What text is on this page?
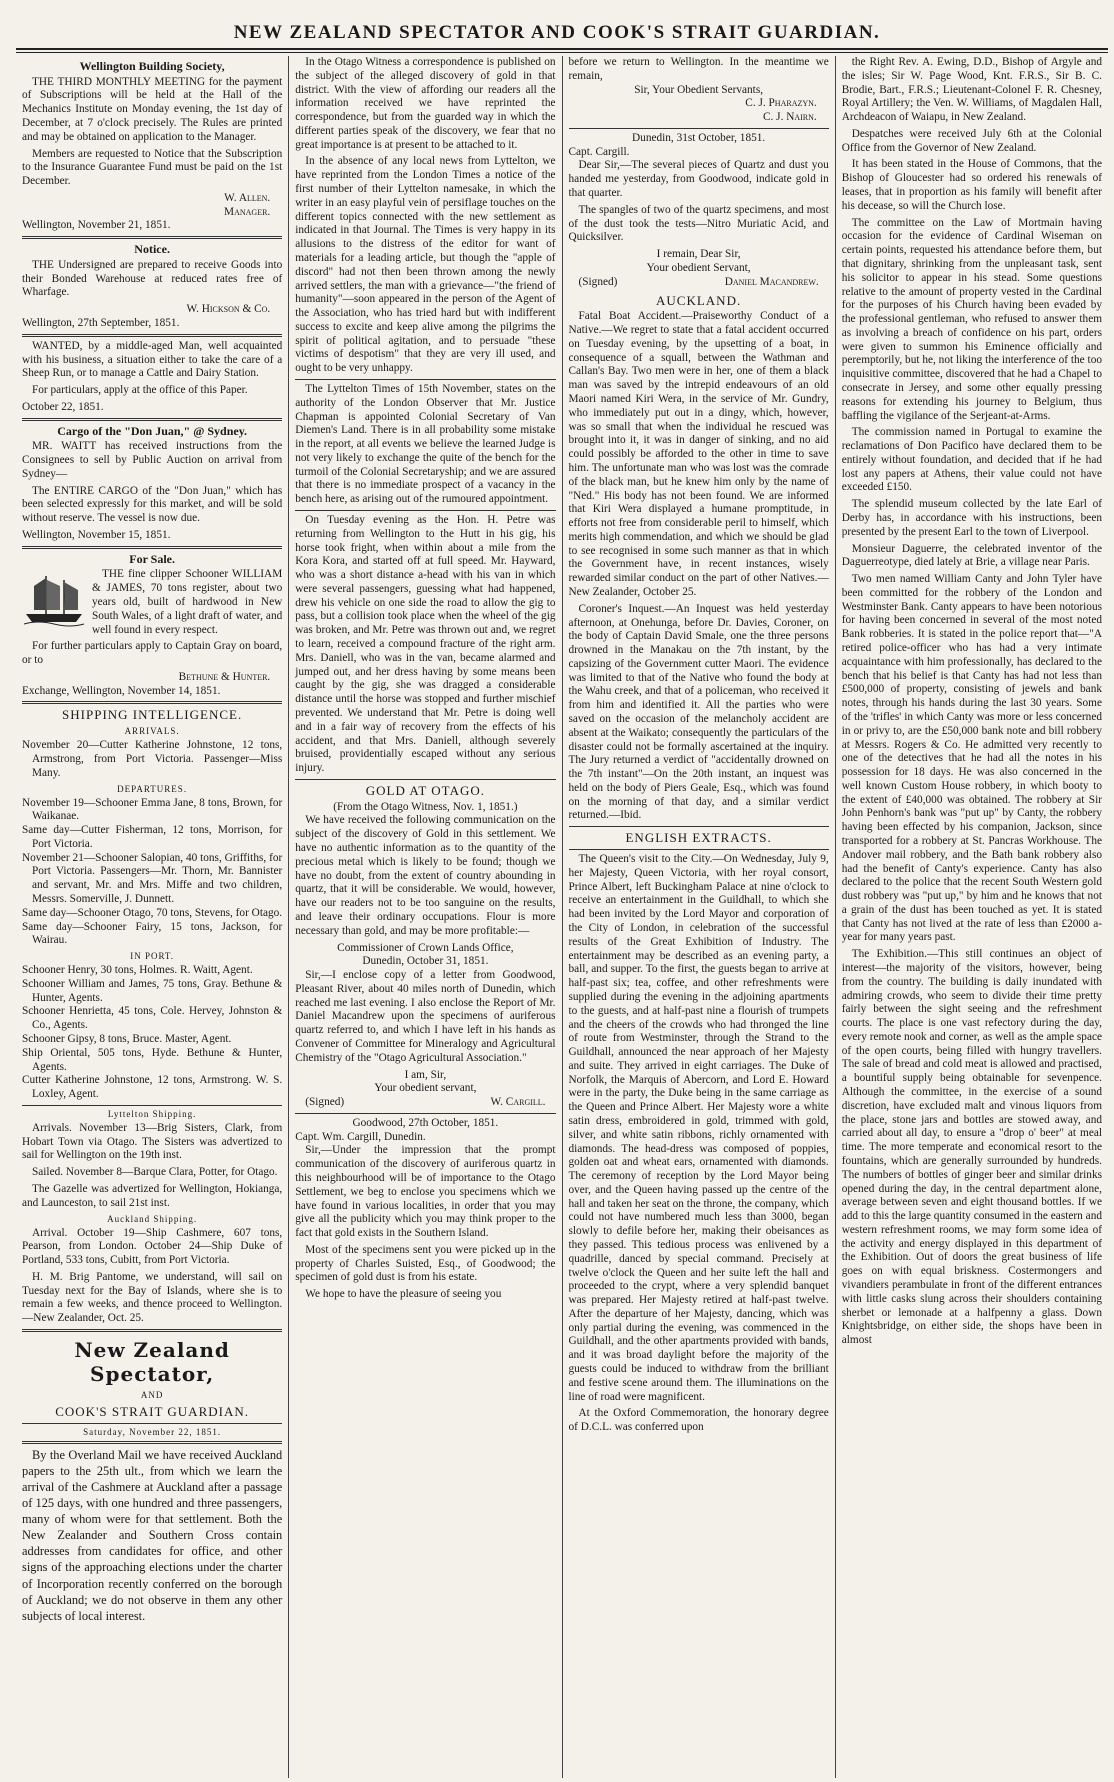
NEW ZEALAND SPECTATOR AND COOK'S STRAIT GUARDIAN.
Wellington Building Society,

THE THIRD MONTHLY MEETING for the payment of Subscriptions will be held at the Hall of the Mechanics Institute on Monday evening, the 1st day of December, at 7 o'clock precisely. The Rules are printed and may be obtained on application to the Manager.

Members are requested to Notice that the Subscription to the Insurance Guarantee Fund must be paid on the 1st December.

W. Allen.
Manager.
Wellington, November 21, 1851.
Notice.

THE Undersigned are prepared to receive Goods into their Bonded Warehouse at reduced rates free of Wharfage.

W. Hickson & Co.
Wellington, 27th September, 1851.

WANTED, by a middle-aged Man, well acquainted with his business, a situation either to take the care of a Sheep Run, or to manage a Cattle and Dairy Station.

For particulars, apply at the office of this Paper.

October 22, 1851.
Cargo of the "Don Juan," @ Sydney.

MR. WAITT has received instructions from the Consignees to sell by Public Auction on arrival from Sydney—

The ENTIRE CARGO of the "Don Juan," which has been selected expressly for this market, and will be sold without reserve. The vessel is now due.

Wellington, November 15, 1851.
For Sale.

THE fine clipper Schooner WILLIAM & JAMES, 70 tons register, about two years old, built of hardwood in New South Wales, of a light draft of water, and well found in every respect.

For further particulars apply to Captain Gray on board, or to

Bethune & Hunter.
Exchange, Wellington, November 14, 1851.
SHIPPING INTELLIGENCE.
ARRIVALS.
November 20—Cutter Katherine Johnstone, 12 tons, Armstrong, from Port Victoria. Passenger—Miss Many.
DEPARTURES.
November 19—Schooner Emma Jane, 8 tons, Brown, for Waikanae.
Same day—Cutter Fisherman, 12 tons, Morrison, for Port Victoria.
November 21—Schooner Salopian, 40 tons, Griffiths, for Port Victoria. Passengers—Mr. Thorn, Mr. Bannister and servant, Mr. and Mrs. Miffe and two children, Messrs. Somerville, J. Dunnett.
Same day—Schooner Otago, 70 tons, Stevens, for Otago.
Same day—Schooner Fairy, 15 tons, Jackson, for Wairau.
IN PORT.
Schooner Henry, 30 tons, Holmes. R. Waitt, Agent.
Schooner William and James, 75 tons, Gray. Bethune & Hunter, Agents.
Schooner Henrietta, 45 tons, Cole. Hervey, Johnston & Co., Agents.
Schooner Gipsy, 8 tons, Bruce. Master, Agent.
Ship Oriental, 505 tons, Hyde. Bethune & Hunter, Agents.
Cutter Katherine Johnstone, 12 tons, Armstrong. W. S. Loxley, Agent.
Lyttelton Shipping.

Arrivals. November 13—Brig Sisters, Clark, from Hobart Town via Otago. The Sisters was advertized to sail for Wellington on the 19th inst.

Sailed. November 8—Barque Clara, Potter, for Otago.

The Gazelle was advertized for Wellington, Hokianga, and Launceston, to sail 21st inst.

Auckland Shipping.

Arrival. October 19—Ship Cashmere, 607 tons, Pearson, from London. October 24—Ship Duke of Portland, 533 tons, Cubitt, from Port Victoria.

H. M. Brig Pantome, we understand, will sail on Tuesday next for the Bay of Islands, where she is to remain a few weeks, and thence proceed to Wellington.—New Zealander, Oct. 25.

New Zealand Spectator,
AND
COOK'S STRAIT GUARDIAN.
Saturday, November 22, 1851.

By the Overland Mail we have received Auckland papers to the 25th ult., from which we learn the arrival of the Cashmere at Auckland after a passage of 125 days, with one hundred and three passengers, many of whom were for that settlement. Both the New Zealander and Southern Cross contain addresses from candidates for office, and other signs of the approaching elections under the charter of Incorporation recently conferred on the borough of Auckland; we do not observe in them any other subjects of local interest.

In the Otago Witness a correspondence is published on the subject of the alleged discovery of gold in that district. With the view of affording our readers all the information received we have reprinted the correspondence, but from the guarded way in which the different parties speak of the discovery, we fear that no great importance is at present to be attached to it.

In the absence of any local news from Lyttelton, we have reprinted from the London Times a notice of the first number of their Lyttelton namesake, in which the writer in an easy playful vein of persiflage touches on the different topics connected with the new settlement as indicated in that Journal. The Times is very happy in its allusions to the distress of the editor for want of materials for a leading article, but though the "apple of discord" had not then been thrown among the newly arrived settlers, the man with a grievance—"the friend of humanity"—soon appeared in the person of the Agent of the Association, who has tried hard but with indifferent success to excite and keep alive among the pilgrims the spirit of political agitation, and to persuade "these victims of despotism" that they are very ill used, and ought to be very unhappy.

The Lyttelton Times of 15th November, states on the authority of the London Observer that Mr. Justice Chapman is appointed Colonial Secretary of Van Diemen's Land. There is in all probability some mistake in the report, at all events we believe the learned Judge is not very likely to exchange the quite of the bench for the turmoil of the Colonial Secretaryship; and we are assured that there is no immediate prospect of a vacancy in the bench here, as arising out of the rumoured appointment.

On Tuesday evening as the Hon. H. Petre was returning from Wellington to the Hutt in his gig, his horse took fright, when within about a mile from the Kora Kora, and started off at full speed. Mr. Hayward, who was a short distance a-head with his van in which were several passengers, guessing what had happened, drew his vehicle on one side the road to allow the gig to pass, but a collision took place when the wheel of the gig was broken, and Mr. Petre was thrown out and, we regret to learn, received a compound fracture of the right arm. Mrs. Daniell, who was in the van, became alarmed and jumped out, and her dress having by some means been caught by the gig, she was dragged a considerable distance until the horse was stopped and further mischief prevented. We understand that Mr. Petre is doing well and in a fair way of recovery from the effects of his accident, and that Mrs. Daniell, although severely bruised, providentially escaped without any serious injury.

GOLD AT OTAGO.
(From the Otago Witness, Nov. 1, 1851.)

We have received the following communication on the subject of the discovery of Gold in this settlement. We have no authentic information as to the quantity of the precious metal which is likely to be found; though we have no doubt, from the extent of country abounding in quartz, that it will be considerable. We would, however, have our readers not to be too sanguine on the results, and leave their ordinary occupations. Flour is more necessary than gold, and may be more profitable:—

Commissioner of Crown Lands Office,
Dunedin, October 31, 1851.

Sir,—I enclose copy of a letter from Goodwood, Pleasant River, about 40 miles north of Dunedin, which reached me last evening. I also enclose the Report of Mr. Daniel Macandrew upon the specimens of auriferous quartz referred to, and which I have left in his hands as Convener of Committee for Mineralogy and Agricultural Chemistry of the "Otago Agricultural Association."

I am, Sir,
Your obedient servant,
(Signed)	W. Cargill.
Goodwood, 27th October, 1851.
Capt. Wm. Cargill, Dunedin.

Sir,—Under the impression that the prompt communication of the discovery of auriferous quartz in this neighbourhood will be of importance to the Otago Settlement, we beg to enclose you specimens which we have found in various localities, in order that you may give all the publicity which you may think proper to the fact that gold exists in the Southern Island.

Most of the specimens sent you were picked up in the property of Charles Suisted, Esq., of Goodwood; the specimen of gold dust is from his estate.

We hope to have the pleasure of seeing you

before we return to Wellington. In the meantime we remain,
Sir, Your Obedient Servants,
C. J. Pharazyn.
C. J. Nairn.
Dunedin, 31st October, 1851.
Capt. Cargill.

Dear Sir,—The several pieces of Quartz and dust you handed me yesterday, from Goodwood, indicate gold in that quarter.

The spangles of two of the quartz specimens, and most of the dust took the tests—Nitro Muriatic Acid, and Quicksilver.

I remain, Dear Sir,
Your obedient Servant,
(Signed)	Daniel Macandrew.
AUCKLAND.

Fatal Boat Accident.—Praiseworthy Conduct of a Native.—We regret to state that a fatal accident occurred on Tuesday evening, by the upsetting of a boat, in consequence of a squall, between the Wathman and Callan's Bay. Two men were in her, one of them a black man was saved by the intrepid endeavours of an old Maori named Kiri Wera, in the service of Mr. Gundry, who immediately put out in a dingy, which, however, was so small that when the individual he rescued was brought into it, it was in danger of sinking, and no aid could possibly be afforded to the other in time to save him. The unfortunate man who was lost was the comrade of the black man, but he knew him only by the name of "Ned." His body has not been found. We are informed that Kiri Wera displayed a humane promptitude, in efforts not free from considerable peril to himself, which merits high commendation, and which we should be glad to see recognised in some such manner as that in which the Government have, in recent instances, wisely rewarded similar conduct on the part of other Natives.—New Zealander, October 25.

Coroner's Inquest.—An Inquest was held yesterday afternoon, at Onehunga, before Dr. Davies, Coroner, on the body of Captain David Smale, one the three persons drowned in the Manakau on the 7th instant, by the capsizing of the Government cutter Maori. The evidence was limited to that of the Native who found the body at the Wahu creek, and that of a policeman, who received it from him and identified it. All the parties who were saved on the occasion of the melancholy accident are absent at the Waikato; consequently the particulars of the disaster could not be formally ascertained at the inquiry. The Jury returned a verdict of "accidentally drowned on the 7th instant"—On the 20th instant, an inquest was held on the body of Piers Geale, Esq., which was found on the morning of that day, and a similar verdict returned.—Ibid.

ENGLISH EXTRACTS.

The Queen's visit to the City.—On Wednesday, July 9, her Majesty, Queen Victoria, with her royal consort, Prince Albert, left Buckingham Palace at nine o'clock to receive an entertainment in the Guildhall, to which she had been invited by the Lord Mayor and corporation of the City of London, in celebration of the successful results of the Great Exhibition of Industry. The entertainment may be described as an evening party, a ball, and supper. To the first, the guests began to arrive at half-past six; tea, coffee, and other refreshments were supplied during the evening in the adjoining apartments to the guests, and at half-past nine a flourish of trumpets and the cheers of the crowds who had thronged the line of route from Westminster, through the Strand to the Guildhall, announced the near approach of her Majesty and suite. They arrived in eight carriages. The Duke of Norfolk, the Marquis of Abercorn, and Lord E. Howard were in the party, the Duke being in the same carriage as the Queen and Prince Albert. Her Majesty wore a white satin dress, embroidered in gold, trimmed with gold, silver, and white satin ribbons, richly ornamented with diamonds. The head-dress was composed of poppies, golden oat and wheat ears, ornamented with diamonds. The ceremony of reception by the Lord Mayor being over, and the Queen having passed up the centre of the hall and taken her seat on the throne, the company, which could not have numbered much less than 3000, began slowly to defile before her, making their obeisances as they passed. This tedious process was enlivened by a quadrille, danced by special command. Precisely at twelve o'clock the Queen and her suite left the hall and proceeded to the crypt, where a very splendid banquet was prepared. Her Majesty retired at half-past twelve. After the departure of her Majesty, dancing, which was only partial during the evening, was commenced in the Guildhall, and the other apartments provided with bands, and it was broad daylight before the majority of the guests could be induced to withdraw from the brilliant and festive scene around them. The illuminations on the line of road were magnificent.

At the Oxford Commemoration, the honorary degree of D.C.L. was conferred upon

the Right Rev. A. Ewing, D.D., Bishop of Argyle and the isles; Sir W. Page Wood, Knt. F.R.S., Sir B. C. Brodie, Bart., F.R.S.; Lieutenant-Colonel F. R. Chesney, Royal Artillery; the Ven. W. Williams, of Magdalen Hall, Archdeacon of Waiapu, in New Zealand.

Despatches were received July 6th at the Colonial Office from the Governor of New Zealand.

It has been stated in the House of Commons, that the Bishop of Gloucester had so ordered his renewals of leases, that in proportion as his family will benefit after his decease, so will the Church lose.

The committee on the Law of Mortmain having occasion for the evidence of Cardinal Wiseman on certain points, requested his attendance before them, but that dignitary, shrinking from the unpleasant task, sent his solicitor to appear in his stead. Some questions relative to the amount of property vested in the Cardinal for the purposes of his Church having been evaded by the professional gentleman, who refused to answer them as involving a breach of confidence on his part, orders were given to summon his Eminence officially and peremptorily, but he, not liking the interference of the too inquisitive committee, discovered that he had a Chapel to consecrate in Jersey, and some other equally pressing reasons for extending his journey to Belgium, thus baffling the vigilance of the Serjeant-at-Arms.

The commission named in Portugal to examine the reclamations of Don Pacifico have declared them to be entirely without foundation, and decided that if he had lost any papers at Athens, their value could not have exceeded £150.

The splendid museum collected by the late Earl of Derby has, in accordance with his instructions, been presented by the present Earl to the town of Liverpool.

Monsieur Daguerre, the celebrated inventor of the Daguerreotype, died lately at Brie, a village near Paris.

Two men named William Canty and John Tyler have been committed for the robbery of the London and Westminster Bank. Canty appears to have been notorious for having been concerned in several of the most noted Bank robberies. It is stated in the police report that—"A retired police-officer who has had a very intimate acquaintance with him professionally, has declared to the bench that his belief is that Canty has had not less than £500,000 of property, consisting of jewels and bank notes, through his hands during the last 30 years. Some of the 'trifles' in which Canty was more or less concerned in or privy to, are the £50,000 bank note and bill robbery at Messrs. Rogers & Co. He admitted very recently to one of the detectives that he had all the notes in his possession for 18 days. He was also concerned in the well known Custom House robbery, in which booty to the extent of £40,000 was obtained. The robbery at Sir John Penhorn's bank was "put up" by Canty, the robbery having been effected by his companion, Jackson, since transported for a robbery at St. Pancras Workhouse. The Andover mail robbery, and the Bath bank robbery also had the benefit of Canty's experience. Canty has also declared to the police that the recent South Western gold dust robbery was "put up," by him and he knows that not a grain of the dust has been touched as yet. It is stated that Canty has not lived at the rate of less than £2000 a-year for many years past.

The Exhibition.—This still continues an object of interest—the majority of the visitors, however, being from the country. The building is daily inundated with admiring crowds, who seem to divide their time pretty fairly between the sight seeing and the refreshment courts. The place is one vast refectory during the day, every remote nook and corner, as well as the ample space of the open courts, being filled with hungry travellers. The sale of bread and cold meat is allowed and practised, a bountiful supply being obtainable for sevenpence. Although the committee, in the exercise of a sound discretion, have excluded malt and vinous liquors from the place, stone jars and bottles are stowed away, and carried about all day, to ensure a "drop o' beer" at meal time. The more temperate and economical resort to the fountains, which are generally surrounded by hundreds. The numbers of bottles of ginger beer and similar drinks opened during the day, in the central department alone, average between seven and eight thousand bottles. If we add to this the large quantity consumed in the eastern and western refreshment rooms, we may form some idea of the activity and energy displayed in this department of the Exhibition. Out of doors the great business of life goes on with equal briskness. Costermongers and vivandiers perambulate in front of the different entrances with little casks slung across their shoulders containing sherbet or lemonade at a halfpenny a glass. Down Knightsbridge, on either side, the shops have been in almost
